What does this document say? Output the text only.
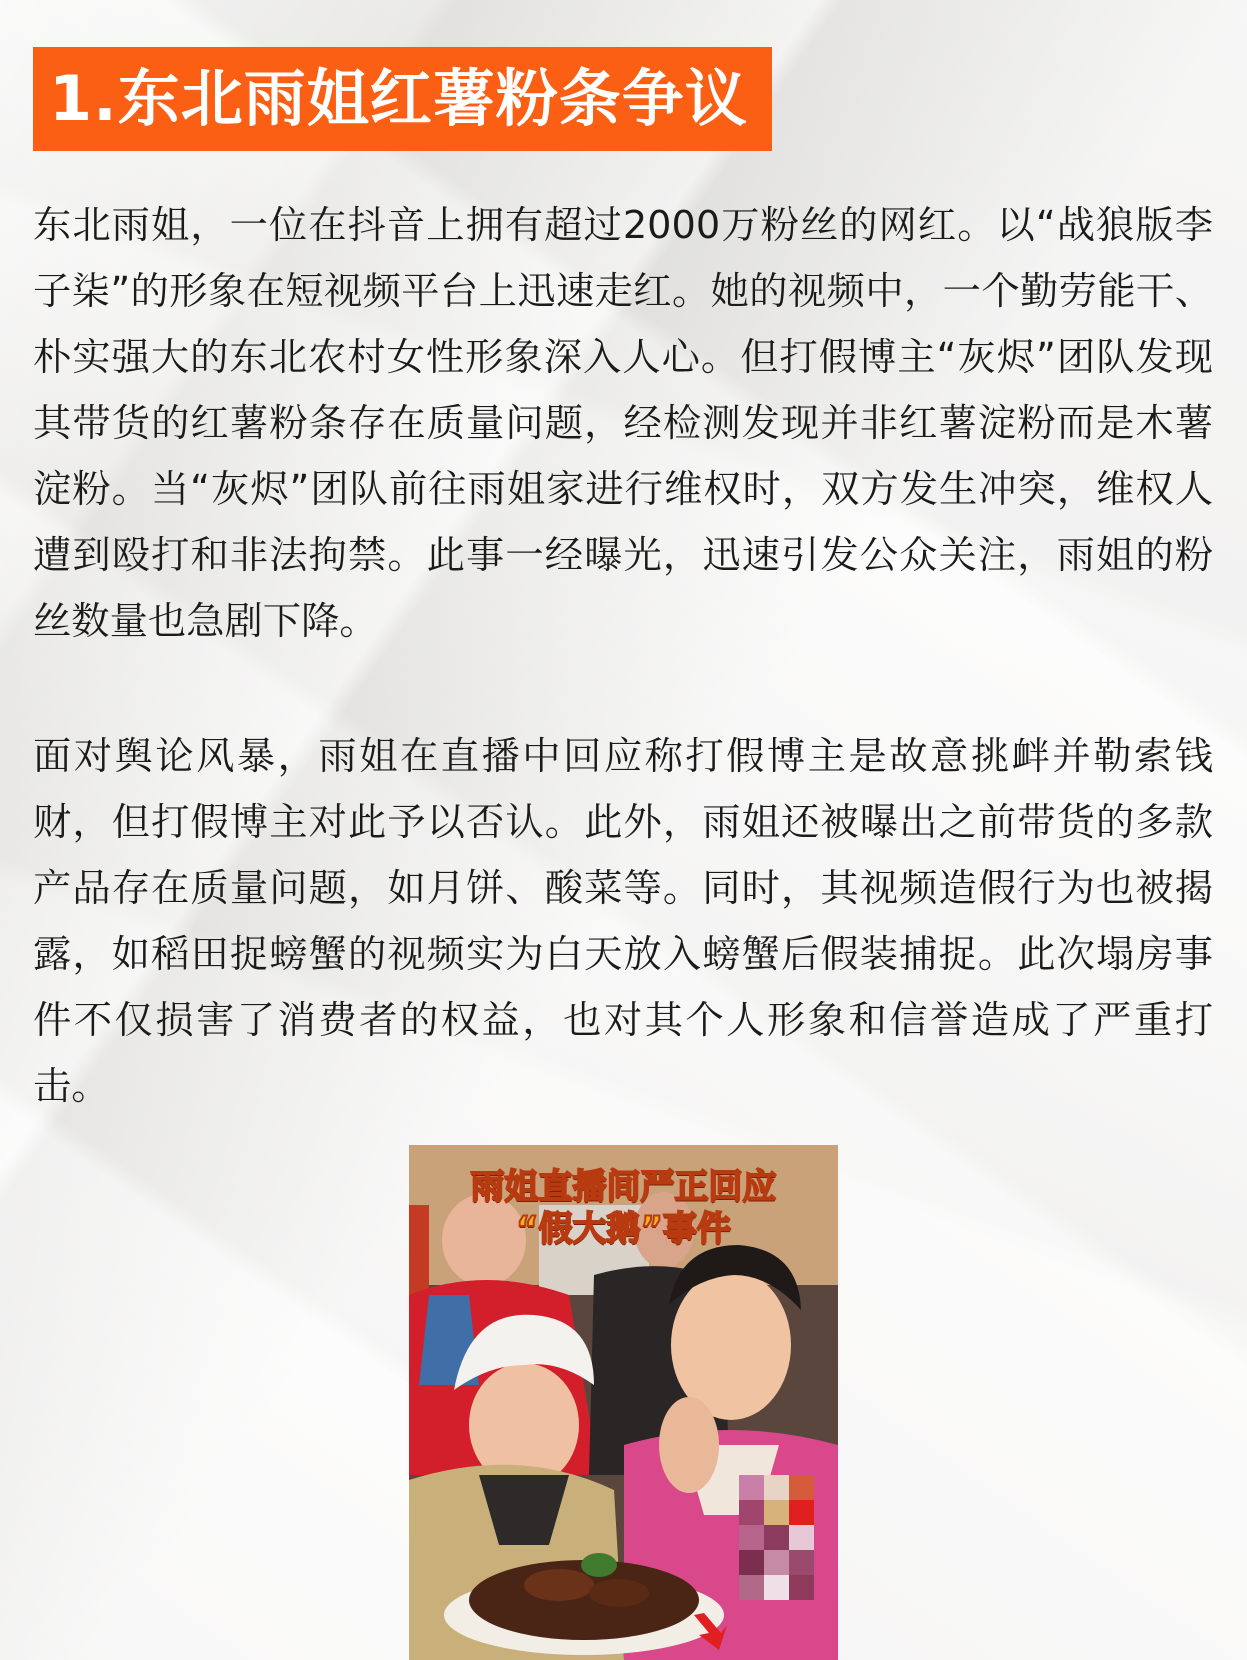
1.东北雨姐红薯粉条争议

东北雨姐，一位在抖音上拥有超过2000万粉丝的网红。以“战狼版李子柒”的形象在短视频平台上迅速走红。她的视频中，一个勤劳能干、朴实强大的东北农村女性形象深入人心。但打假博主“灰烬”团队发现其带货的红薯粉条存在质量问题，经检测发现并非红薯淀粉而是木薯淀粉。当“灰烬”团队前往雨姐家进行维权时，双方发生冲突，维权人遭到殴打和非法拘禁。此事一经曝光，迅速引发公众关注，雨姐的粉丝数量也急剧下降。

面对舆论风暴，雨姐在直播中回应称打假博主是故意挑衅并勒索钱财，但打假博主对此予以否认。此外，雨姐还被曝出之前带货的多款产品存在质量问题，如月饼、酸菜等。同时，其视频造假行为也被揭露，如稻田捉螃蟹的视频实为白天放入螃蟹后假装捕捉。此次塌房事件不仅损害了消费者的权益，也对其个人形象和信誉造成了严重打击。

雨姐直播间严正回应
“假大鹅”事件
